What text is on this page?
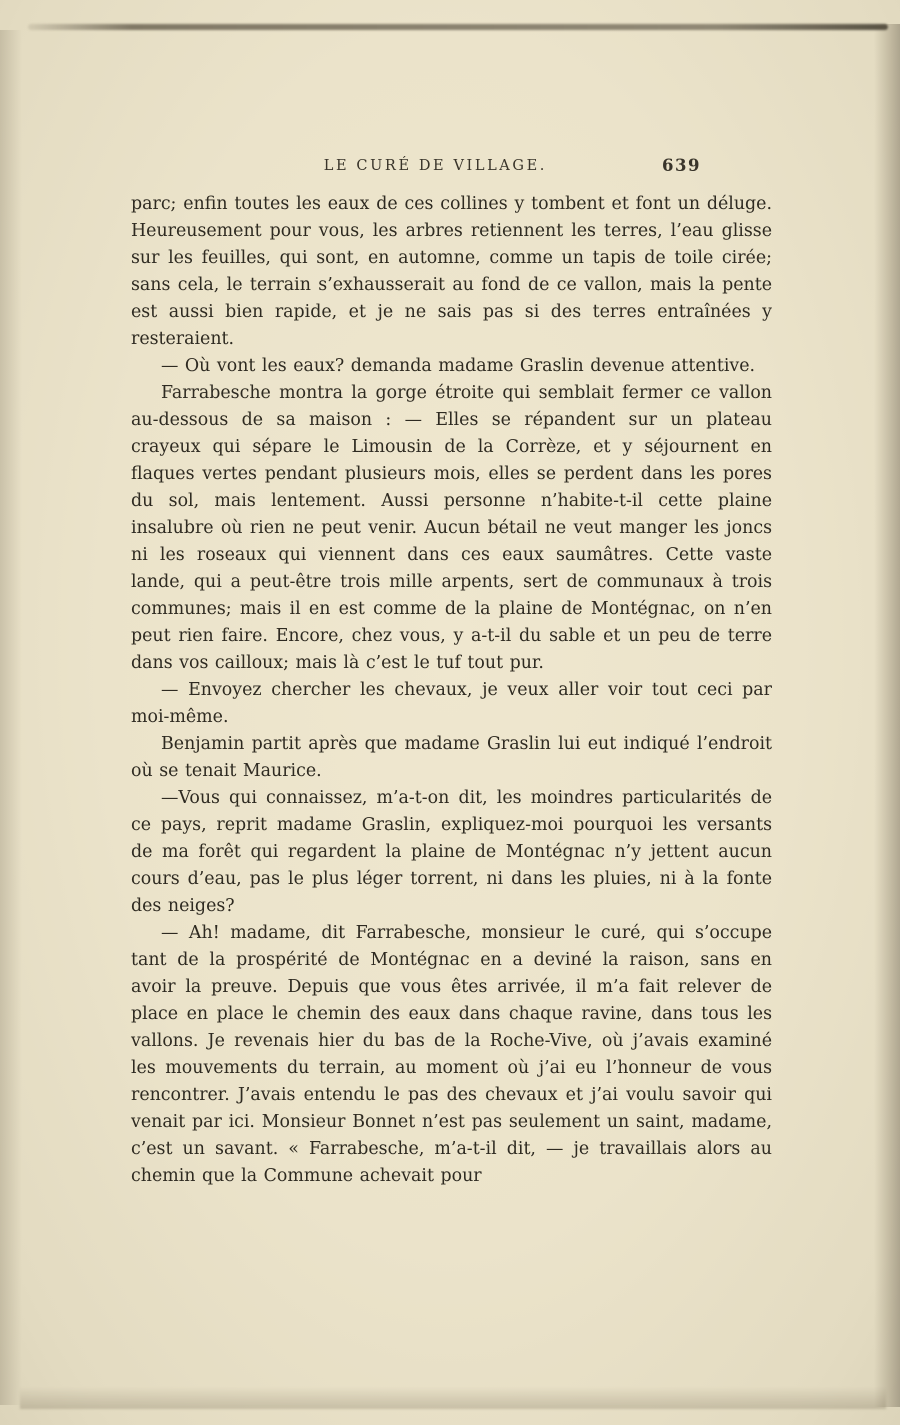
LE CURÉ DE VILLAGE.	639

parc; enfin toutes les eaux de ces collines y tombent et font un déluge. Heureusement pour vous, les arbres retiennent les terres, l’eau glisse sur les feuilles, qui sont, en automne, comme un tapis de toile cirée; sans cela, le terrain s’exhausserait au fond de ce vallon, mais la pente est aussi bien rapide, et je ne sais pas si des terres entraînées y resteraient.

— Où vont les eaux? demanda madame Graslin devenue attentive.

Farrabesche montra la gorge étroite qui semblait fermer ce vallon au-dessous de sa maison : — Elles se répandent sur un plateau crayeux qui sépare le Limousin de la Corrèze, et y séjournent en flaques vertes pendant plusieurs mois, elles se perdent dans les pores du sol, mais lentement. Aussi personne n’habite-t-il cette plaine insalubre où rien ne peut venir. Aucun bétail ne veut manger les joncs ni les roseaux qui viennent dans ces eaux saumâtres. Cette vaste lande, qui a peut-être trois mille arpents, sert de communaux à trois communes; mais il en est comme de la plaine de Montégnac, on n’en peut rien faire. Encore, chez vous, y a-t-il du sable et un peu de terre dans vos cailloux; mais là c’est le tuf tout pur.

— Envoyez chercher les chevaux, je veux aller voir tout ceci par moi-même.

Benjamin partit après que madame Graslin lui eut indiqué l’endroit où se tenait Maurice.

—Vous qui connaissez, m’a-t-on dit, les moindres particularités de ce pays, reprit madame Graslin, expliquez-moi pourquoi les versants de ma forêt qui regardent la plaine de Montégnac n’y jettent aucun cours d’eau, pas le plus léger torrent, ni dans les pluies, ni à la fonte des neiges?

— Ah! madame, dit Farrabesche, monsieur le curé, qui s’occupe tant de la prospérité de Montégnac en a deviné la raison, sans en avoir la preuve. Depuis que vous êtes arrivée, il m’a fait relever de place en place le chemin des eaux dans chaque ravine, dans tous les vallons. Je revenais hier du bas de la Roche-Vive, où j’avais examiné les mouvements du terrain, au moment où j’ai eu l’honneur de vous rencontrer. J’avais entendu le pas des chevaux et j’ai voulu savoir qui venait par ici. Monsieur Bonnet n’est pas seulement un saint, madame, c’est un savant. « Farrabesche, m’a-t-il dit, — je travaillais alors au chemin que la Commune achevait pour
